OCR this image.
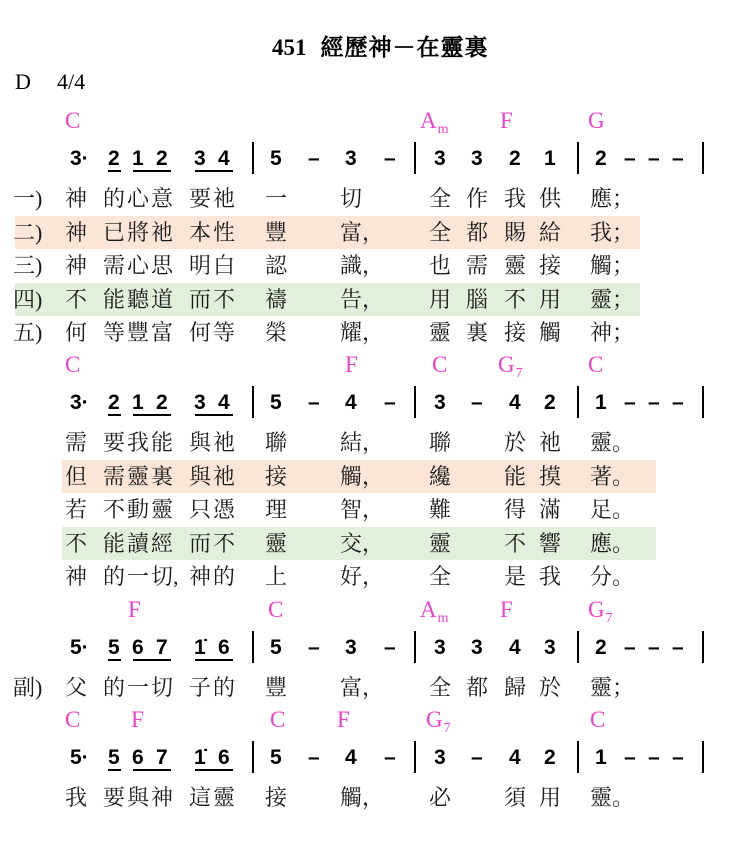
451 經歷神－在靈裏
D 4/4
C	$A_m$ F	G
3· 2 1 2 3 4 5 – 3 – 3 3 2 1 2 – – –
一) 神 的 心 意 要 祂 一 切	全 作 我 供 應；
二) 神 已 將 祂 本 性 豐 富， 全 都 賜 給 我；
三) 神 需 心 思 明 白 認 識， 也 需 靈 接 觸；
四) 不 能 聽 道 而 不 禱 告， 用 腦 不 用 靈；
五) 何 等 豐 富 何 等 榮 耀， 靈 裏 接 觸 神；
C	F	C $G_7$	C
3· 2 1 2 3 4 5 – 4 – 3 – 4 2 1 – – –
需 要 我 能 與 祂 聯 結， 聯 於 祂 靈。
但 需 靈 裏 與 祂 接 觸， 纔 能 摸 著。
若 不 動 靈 只 憑 理 智， 難 得 滿 足。
不 能 讀 經 而 不 靈 交， 靈 不 響 應。
神 的 一 切, 神 的 上 好， 全 是 我 分。
F	C	$A_m$ F	$G_7$
5· 5 6 7 1̇ 6 5 – 3 – 3 3 4 3 2 – – –
副) 父 的 一 切 子 的 豐 富， 全 都 歸 於 靈；
C F	C F	$G_7$	C
5· 5 6 7 1̇ 6 5 – 4 – 3 – 4 2 1 – – –
我 要 與 神 這 靈 接 觸， 必 須 用 靈。
